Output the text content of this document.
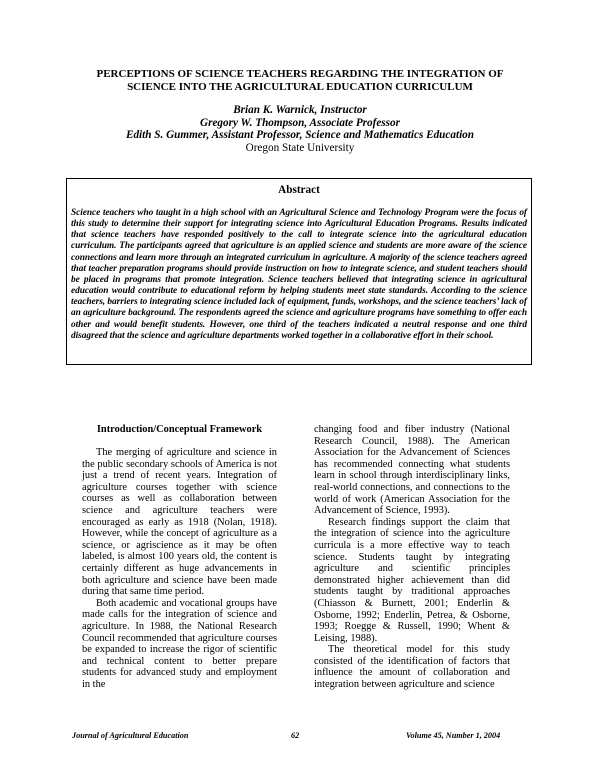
PERCEPTIONS OF SCIENCE TEACHERS REGARDING THE INTEGRATION OF
SCIENCE INTO THE AGRICULTURAL EDUCATION CURRICULUM
Brian K. Warnick, Instructor
Gregory W. Thompson, Associate Professor
Edith S. Gummer, Assistant Professor, Science and Mathematics Education
Oregon State University
Abstract
Science teachers who taught in a high school with an Agricultural Science and Technology Program were the focus of this study to determine their support for integrating science into Agricultural Education Programs. Results indicated that science teachers have responded positively to the call to integrate science into the agricultural education curriculum. The participants agreed that agriculture is an applied science and students are more aware of the science connections and learn more through an integrated curriculum in agriculture. A majority of the science teachers agreed that teacher preparation programs should provide instruction on how to integrate science, and student teachers should be placed in programs that promote integration. Science teachers believed that integrating science in agricultural education would contribute to educational reform by helping students meet state standards. According to the science teachers, barriers to integrating science included lack of equipment, funds, workshops, and the science teachers’ lack of an agriculture background. The respondents agreed the science and agriculture programs have something to offer each other and would benefit students. However, one third of the teachers indicated a neutral response and one third disagreed that the science and agriculture departments worked together in a collaborative effort in their school.
Introduction/Conceptual Framework

The merging of agriculture and science in the public secondary schools of America is not just a trend of recent years. Integration of agriculture courses together with science courses as well as collaboration between science and agriculture teachers were encouraged as early as 1918 (Nolan, 1918). However, while the concept of agriculture as a science, or agriscience as it may be often labeled, is almost 100 years old, the content is certainly different as huge advancements in both agriculture and science have been made during that same time period.

Both academic and vocational groups have made calls for the integration of science and agriculture. In 1988, the National Research Council recommended that agriculture courses be expanded to increase the rigor of scientific and technical content to better prepare students for advanced study and employment in the

changing food and fiber industry (National Research Council, 1988). The American Association for the Advancement of Sciences has recommended connecting what students learn in school through interdisciplinary links, real-world connections, and connections to the world of work (American Association for the Advancement of Science, 1993).

Research findings support the claim that the integration of science into the agriculture curricula is a more effective way to teach science. Students taught by integrating agriculture and scientific principles demonstrated higher achievement than did students taught by traditional approaches (Chiasson & Burnett, 2001; Enderlin & Osborne, 1992; Enderlin, Petrea, & Osborne, 1993; Roegge & Russell, 1990; Whent & Leising, 1988).

The theoretical model for this study consisted of the identification of factors that influence the amount of collaboration and integration between agriculture and science

Journal of Agricultural Education	62	Volume 45, Number 1, 2004
